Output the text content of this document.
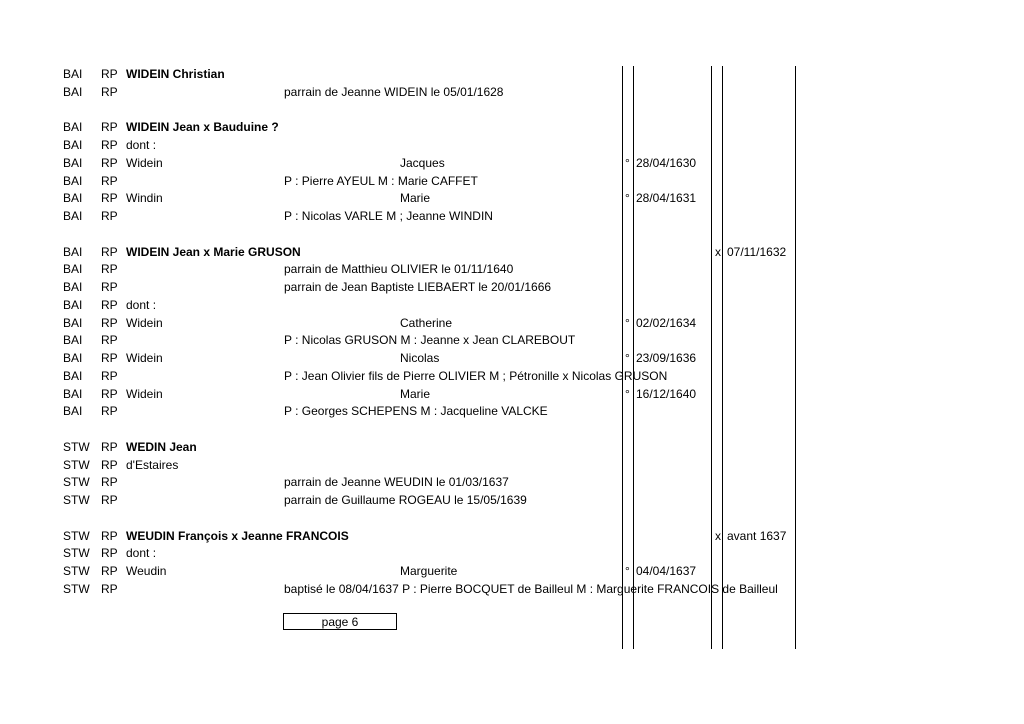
BAI RP WIDEIN Christian
BAI RP	parrain de Jeanne WIDEIN le 05/01/1628
BAI RP WIDEIN Jean x Bauduine ?
BAI RP dont :
BAI RP Widein	Jacques	° 28/04/1630
BAI RP	P : Pierre AYEUL M : Marie CAFFET
BAI RP Windin	Marie	° 28/04/1631
BAI RP	P : Nicolas VARLE M ; Jeanne WINDIN
BAI RP WIDEIN Jean x Marie GRUSON	x 07/11/1632
BAI RP	parrain de Matthieu OLIVIER le 01/11/1640
BAI RP	parrain de Jean Baptiste LIEBAERT le 20/01/1666
BAI RP dont :
BAI RP Widein	Catherine	° 02/02/1634
BAI RP	P : Nicolas GRUSON M : Jeanne x Jean CLAREBOUT
BAI RP Widein	Nicolas	° 23/09/1636
BAI RP	P : Jean Olivier fils de Pierre OLIVIER M ; Pétronille x Nicolas GRUSON
BAI RP Widein	Marie	° 16/12/1640
BAI RP	P : Georges SCHEPENS M : Jacqueline VALCKE
STW RP WEDIN Jean
STW RP d'Estaires
STW RP	parrain de Jeanne WEUDIN le 01/03/1637
STW RP	parrain de Guillaume ROGEAU le 15/05/1639
STW RP WEUDIN François x Jeanne FRANCOIS	x avant 1637
STW RP dont :
STW RP Weudin	Marguerite	° 04/04/1637
STW RP	baptisé le 08/04/1637 P : Pierre BOCQUET de Bailleul M : Marguerite FRANCOIS de Bailleul
page 6
